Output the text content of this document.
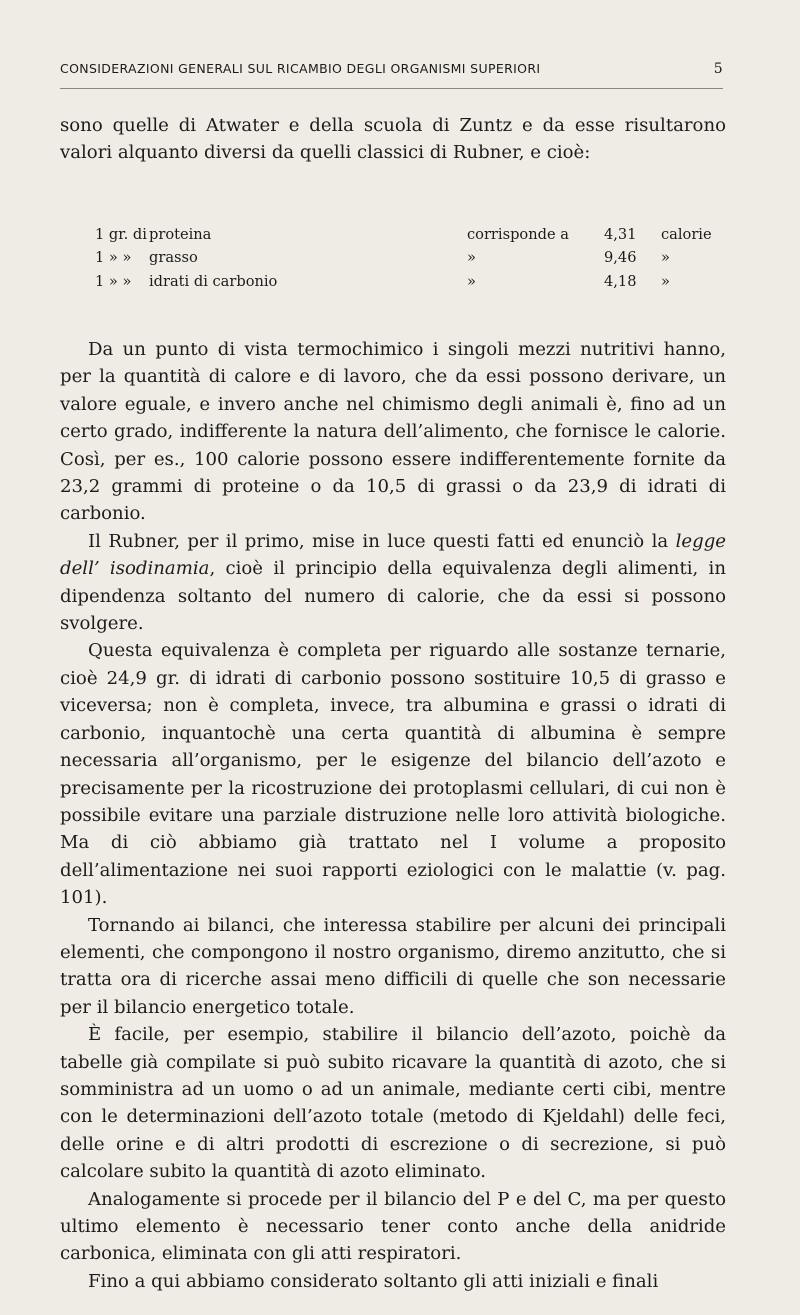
CONSIDERAZIONI GENERALI SUL RICAMBIO DEGLI ORGANISMI SUPERIORI	5

sono quelle di Atwater e della scuola di Zuntz e da esse risultarono valori alquanto diversi da quelli classici di Rubner, e cioè:

1 gr. di proteina	corrisponde a 4,31 calorie
1 » » grasso	»	9,46 »
1 » » idrati di carbonio	»	4,18 »

Da un punto di vista termochimico i singoli mezzi nutritivi hanno, per la quantità di calore e di lavoro, che da essi possono derivare, un valore eguale, e invero anche nel chimismo degli animali è, fino ad un certo grado, indifferente la natura dell’alimento, che fornisce le calorie. Così, per es., 100 calorie possono essere indifferentemente fornite da 23,2 grammi di proteine o da 10,5 di grassi o da 23,9 di idrati di carbonio.

Il Rubner, per il primo, mise in luce questi fatti ed enunciò la legge dell’ isodinamia, cioè il principio della equivalenza degli alimenti, in dipendenza soltanto del numero di calorie, che da essi si possono svolgere.

Questa equivalenza è completa per riguardo alle sostanze ternarie, cioè 24,9 gr. di idrati di carbonio possono sostituire 10,5 di grasso e viceversa; non è completa, invece, tra albumina e grassi o idrati di carbonio, inquantochè una certa quantità di albumina è sempre necessaria all’organismo, per le esigenze del bilancio dell’azoto e precisamente per la ricostruzione dei protoplasmi cellulari, di cui non è possibile evitare una parziale distruzione nelle loro attività biologiche. Ma di ciò abbiamo già trattato nel I volume a proposito dell’alimentazione nei suoi rapporti eziologici con le malattie (v. pag. 101).

Tornando ai bilanci, che interessa stabilire per alcuni dei principali elementi, che compongono il nostro organismo, diremo anzitutto, che si tratta ora di ricerche assai meno difficili di quelle che son necessarie per il bilancio energetico totale.

È facile, per esempio, stabilire il bilancio dell’azoto, poichè da tabelle già compilate si può subito ricavare la quantità di azoto, che si somministra ad un uomo o ad un animale, mediante certi cibi, mentre con le determinazioni dell’azoto totale (metodo di Kjeldahl) delle feci, delle orine e di altri prodotti di escrezione o di secrezione, si può calcolare subito la quantità di azoto eliminato.

Analogamente si procede per il bilancio del P e del C, ma per questo ultimo elemento è necessario tener conto anche della anidride carbonica, eliminata con gli atti respiratori.

Fino a qui abbiamo considerato soltanto gli atti iniziali e finali
